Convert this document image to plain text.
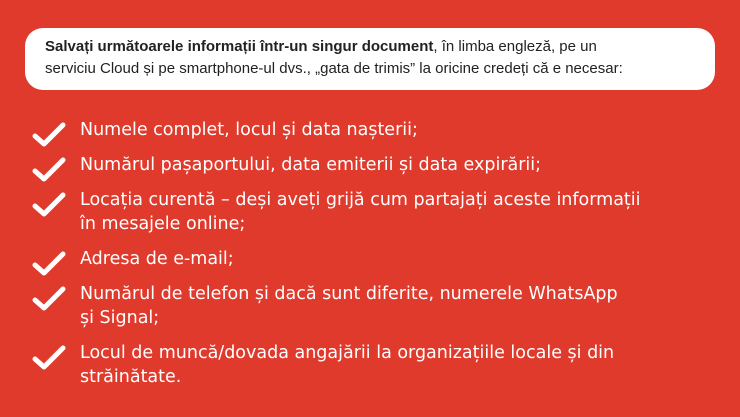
Salvați următoarele informații într-un singur document, în limba engleză, pe un
serviciu Cloud și pe smartphone-ul dvs., „gata de trimis” la oricine credeți că e necesar:
Numele complet, locul și data nașterii;
Numărul pașaportului, data emiterii și data expirării;
Locația curentă – deși aveți grijă cum partajați aceste informații
în mesajele online;
Adresa de e-mail;
Numărul de telefon și dacă sunt diferite, numerele WhatsApp
și Signal;
Locul de muncă/dovada angajării la organizațiile locale și din
străinătate.
